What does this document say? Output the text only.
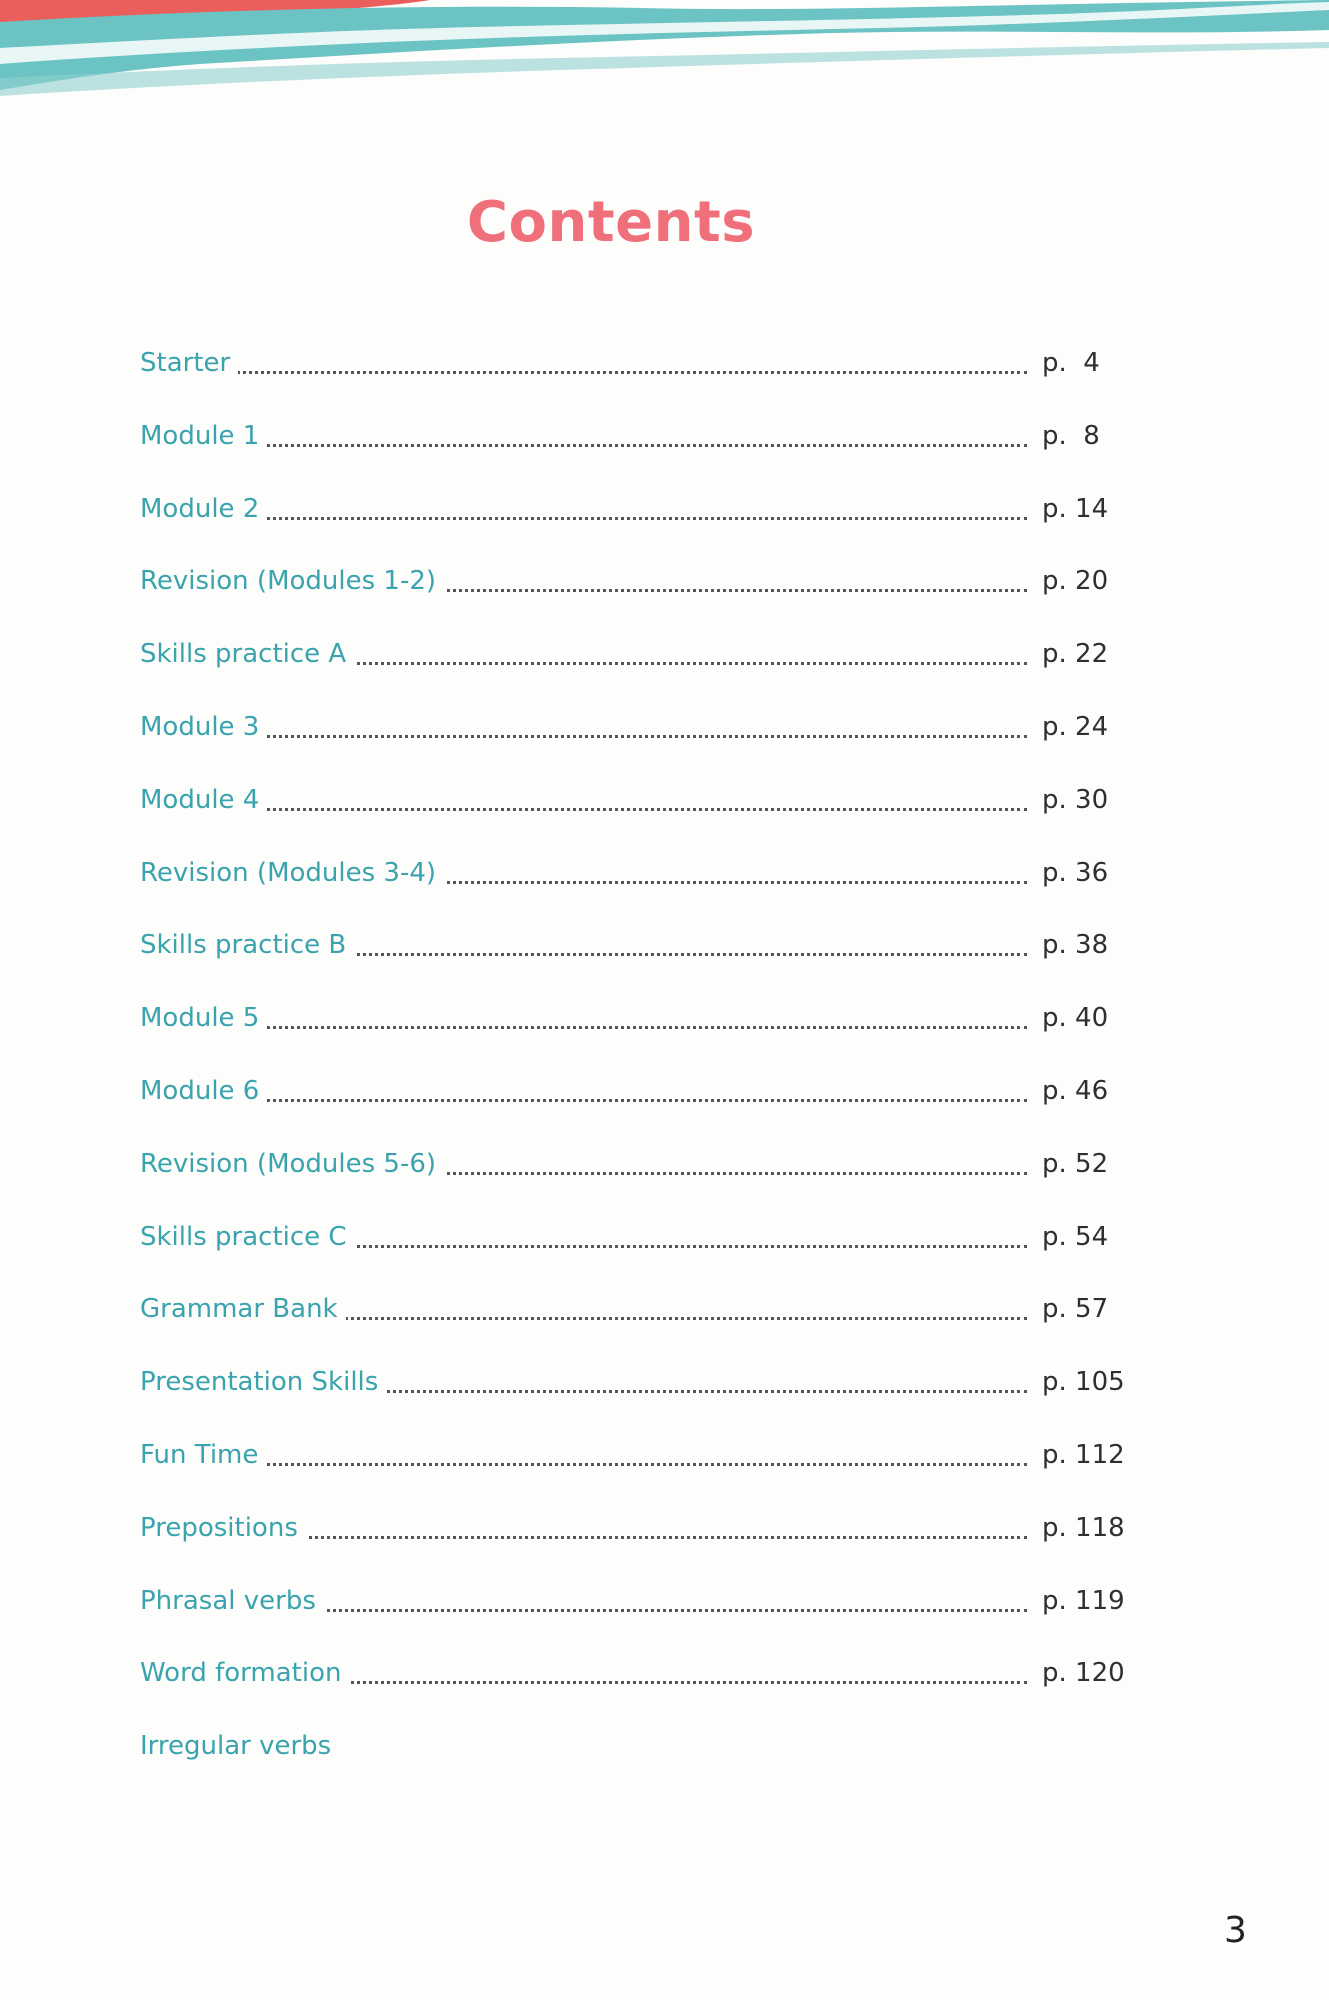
Contents
Starter	p.  4
Module 1	p.  8
Module 2	p. 14
Revision (Modules 1-2)	p. 20
Skills practice A	p. 22
Module 3	p. 24
Module 4	p. 30
Revision (Modules 3-4)	p. 36
Skills practice B	p. 38
Module 5	p. 40
Module 6	p. 46
Revision (Modules 5-6)	p. 52
Skills practice C	p. 54
Grammar Bank	p. 57
Presentation Skills	p. 105
Fun Time	p. 112
Prepositions	p. 118
Phrasal verbs	p. 119
Word formation	p. 120
Irregular verbs
3
